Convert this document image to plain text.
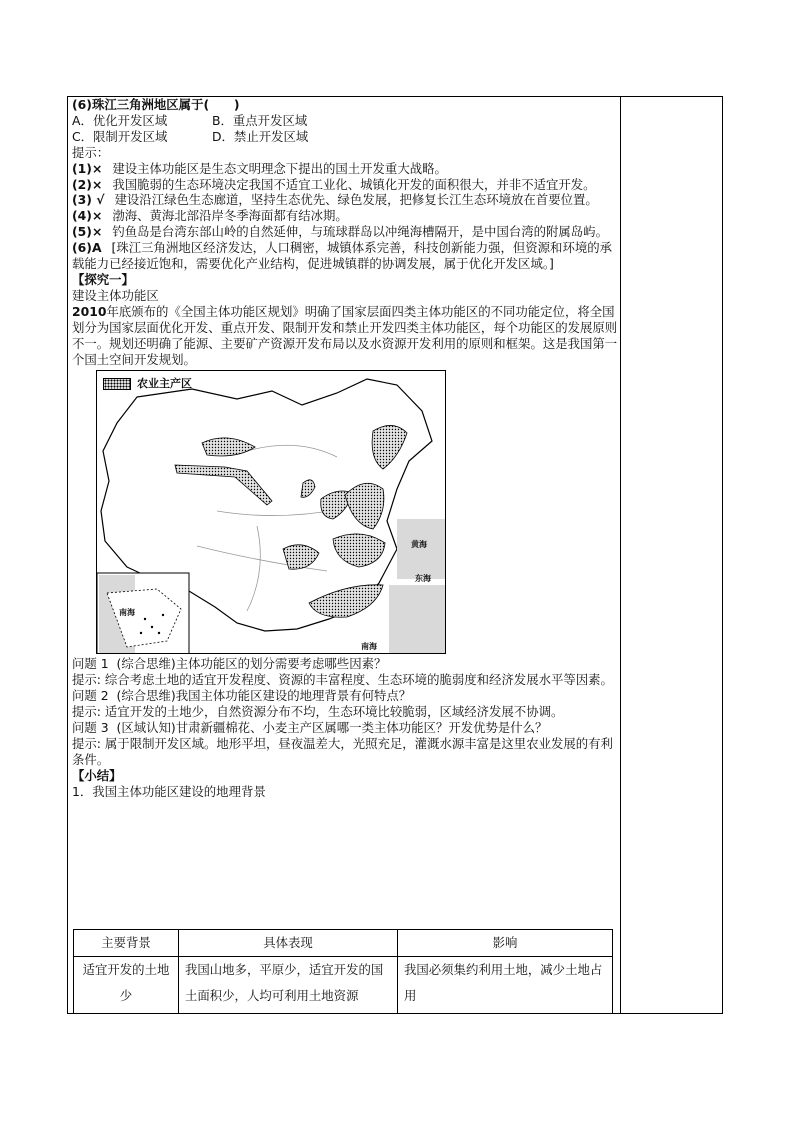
(6)珠江三角洲地区属于(　　)

A．优化开发区域	B．重点开发区域
C．限制开发区域	D．禁止开发区域

提示：

(1)× 建设主体功能区是生态文明理念下提出的国土开发重大战略。

(2)× 我国脆弱的生态环境决定我国不适宜工业化、城镇化开发的面积很大，并非不适宜开发。

(3) √ 建设沿江绿色生态廊道，坚持生态优先、绿色发展，把修复长江生态环境放在首要位置。

(4)× 渤海、黄海北部沿岸冬季海面都有结冰期。

(5)× 钓鱼岛是台湾东部山岭的自然延伸，与琉球群岛以冲绳海槽隔开，是中国台湾的附属岛屿。

(6)A [珠江三角洲地区经济发达，人口稠密，城镇体系完善，科技创新能力强，但资源和环境的承载能力已经接近饱和，需要优化产业结构，促进城镇群的协调发展，属于优化开发区域。]

【探究一】

建设主体功能区

2010年底颁布的《全国主体功能区规划》明确了国家层面四类主体功能区的不同功能定位，将全国划分为国家层面优化开发、重点开发、限制开发和禁止开发四类主体功能区，每个功能区的发展原则不一。规划还明确了能源、主要矿产资源开发布局以及水资源开发利用的原则和框架。这是我国第一个国土空间开发规划。

农业主产区
黄海
东海
南海
南海

问题 1 (综合思维)主体功能区的划分需要考虑哪些因素？

提示: 综合考虑土地的适宜开发程度、资源的丰富程度、生态环境的脆弱度和经济发展水平等因素。

问题 2 (综合思维)我国主体功能区建设的地理背景有何特点？

提示: 适宜开发的土地少，自然资源分布不均，生态环境比较脆弱，区域经济发展不协调。

问题 3 (区域认知)甘肃新疆棉花、小麦主产区属哪一类主体功能区？开发优势是什么？

提示: 属于限制开发区域。地形平坦，昼夜温差大，光照充足，灌溉水源丰富是这里农业发展的有利条件。

【小结】

1．我国主体功能区建设的地理背景

主要背景	具体表现	影响
适宜开发的土地少	我国山地多，平原少，适宜开发的国土面积少，人均可利用土地资源	我国必须集约利用土地，减少土地占用
